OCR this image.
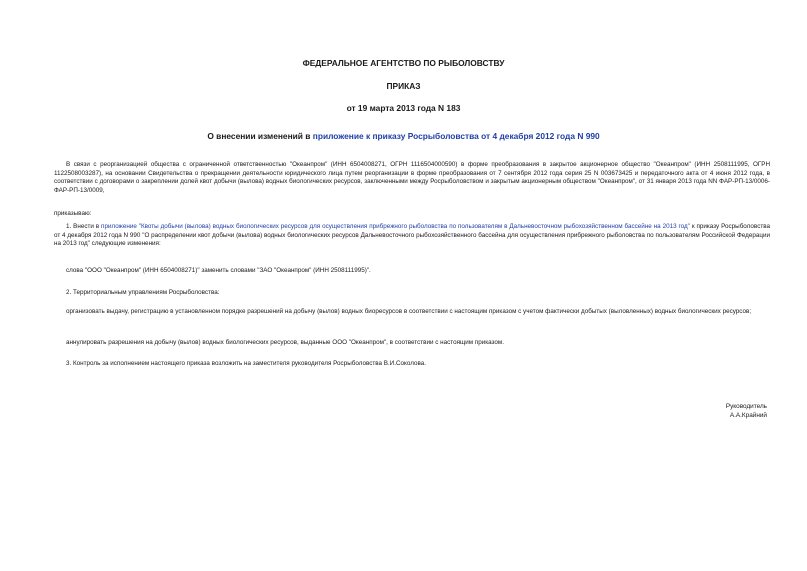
ФЕДЕРАЛЬНОЕ АГЕНТСТВО ПО РЫБОЛОВСТВУ
ПРИКАЗ
от 19 марта 2013 года N 183
О внесении изменений в приложение к приказу Росрыболовства от 4 декабря 2012 года N 990

В связи с реорганизацией общества с ограниченной ответственностью "Океанпром" (ИНН 6504008271, ОГРН 1116504000590) в форме преобразования в закрытое акционерное общество "Океанпром" (ИНН 2508111995, ОГРН 1122508003287), на основании Свидетельства о прекращении деятельности юридического лица путем реорганизации в форме преобразования от 7 сентября 2012 года серия 25 N 003673425 и передаточного акта от 4 июня 2012 года, в соответствии с договорами о закреплении долей квот добычи (вылова) водных биологических ресурсов, заключенными между Росрыболовством и закрытым акционерным обществом "Океанпром", от 31 января 2013 года NN ФАР-РП-13/0006-ФАР-РП-13/0009,

приказываю:

1. Внести в приложение "Квоты добычи (вылова) водных биологических ресурсов для осуществления прибрежного рыболовства по пользователям в Дальневосточном рыбохозяйственном бассейне на 2013 год" к приказу Росрыболовства от 4 декабря 2012 года N 990 "О распределении квот добычи (вылова) водных биологических ресурсов Дальневосточного рыбохозяйственного бассейна для осуществления прибрежного рыболовства по пользователям Российской Федерации на 2013 год" следующие изменения:

слова "ООО "Океанпром" (ИНН 6504008271)" заменить словами "ЗАО "Океанпром" (ИНН 2508111995)".

2. Территориальным управлениям Росрыболовства:

организовать выдачу, регистрацию в установленном порядке разрешений на добычу (вылов) водных биоресурсов в соответствии с настоящим приказом с учетом фактически добытых (выловленных) водных биологических ресурсов;

аннулировать разрешения на добычу (вылов) водных биологических ресурсов, выданные ООО "Океанпром", в соответствии с настоящим приказом.

3. Контроль за исполнением настоящего приказа возложить на заместителя руководителя Росрыболовства В.И.Соколова.

Руководитель
А.А.Крайний
